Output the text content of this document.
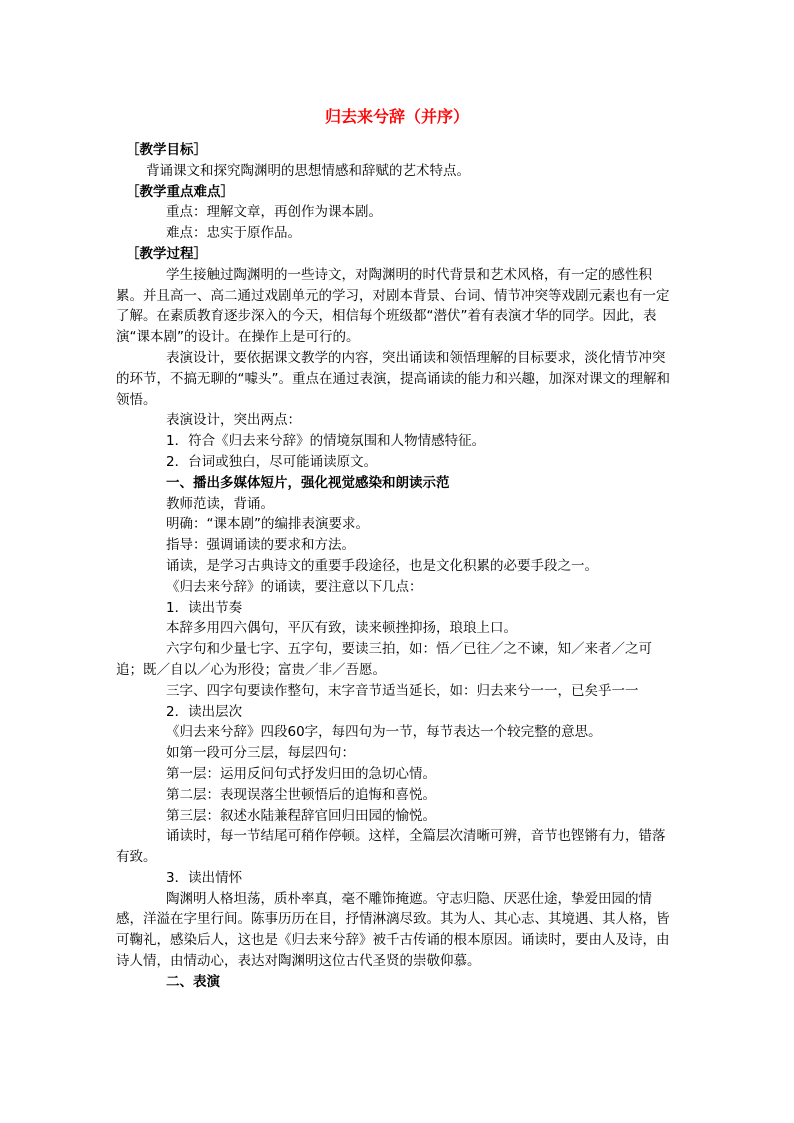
归去来兮辞（并序）

［教学目标］

背诵课文和探究陶渊明的思想情感和辞赋的艺术特点。

［教学重点难点］

重点：理解文章，再创作为课本剧。

难点：忠实于原作品。

［教学过程］

学生接触过陶渊明的一些诗文，对陶渊明的时代背景和艺术风格，有一定的感性积累。并且高一、高二通过戏剧单元的学习，对剧本背景、台词、情节冲突等戏剧元素也有一定了解。在素质教育逐步深入的今天，相信每个班级都“潜伏”着有表演才华的同学。因此，表演“课本剧”的设计。在操作上是可行的。

表演设计，要依据课文教学的内容，突出诵读和领悟理解的目标要求，淡化情节冲突的环节，不搞无聊的“噱头”。重点在通过表演，提高诵读的能力和兴趣，加深对课文的理解和领悟。

表演设计，突出两点：

1．符合《归去来兮辞》的情境氛围和人物情感特征。

2．台词或独白，尽可能诵读原文。

一、播出多媒体短片，强化视觉感染和朗读示范

教师范读，背诵。

明确：“课本剧”的编排表演要求。

指导：强调诵读的要求和方法。

诵读，是学习古典诗文的重要手段途径，也是文化积累的必要手段之一。

《归去来兮辞》的诵读，要注意以下几点：

1．读出节奏

本辞多用四六偶句，平仄有致，读来顿挫抑扬，琅琅上口。

六字句和少量七字、五字句，要读三拍，如：悟／已往／之不谏，知／来者／之可追；既／自以／心为形役；富贵／非／吾愿。

三字、四字句要读作整句，末字音节适当延长，如：归去来兮一一，已矣乎一一

2．读出层次

《归去来兮辞》四段60字，每四句为一节，每节表达一个较完整的意思。

如第一段可分三层，每层四句：

第一层：运用反问句式抒发归田的急切心情。

第二层：表现误落尘世顿悟后的追悔和喜悦。

第三层：叙述水陆兼程辞官回归田园的愉悦。

诵读时，每一节结尾可稍作停顿。这样，全篇层次清晰可辨，音节也铿锵有力，错落有致。

3．读出情怀

陶渊明人格坦荡，质朴率真，毫不雕饰掩遮。守志归隐、厌恶仕途，挚爱田园的情感，洋溢在字里行间。陈事历历在目，抒情淋漓尽致。其为人、其心志、其境遇、其人格，皆可鞠礼，感染后人，这也是《归去来兮辞》被千古传诵的根本原因。诵读时，要由人及诗，由诗人情，由情动心，表达对陶渊明这位古代圣贤的崇敬仰慕。

二、表演
